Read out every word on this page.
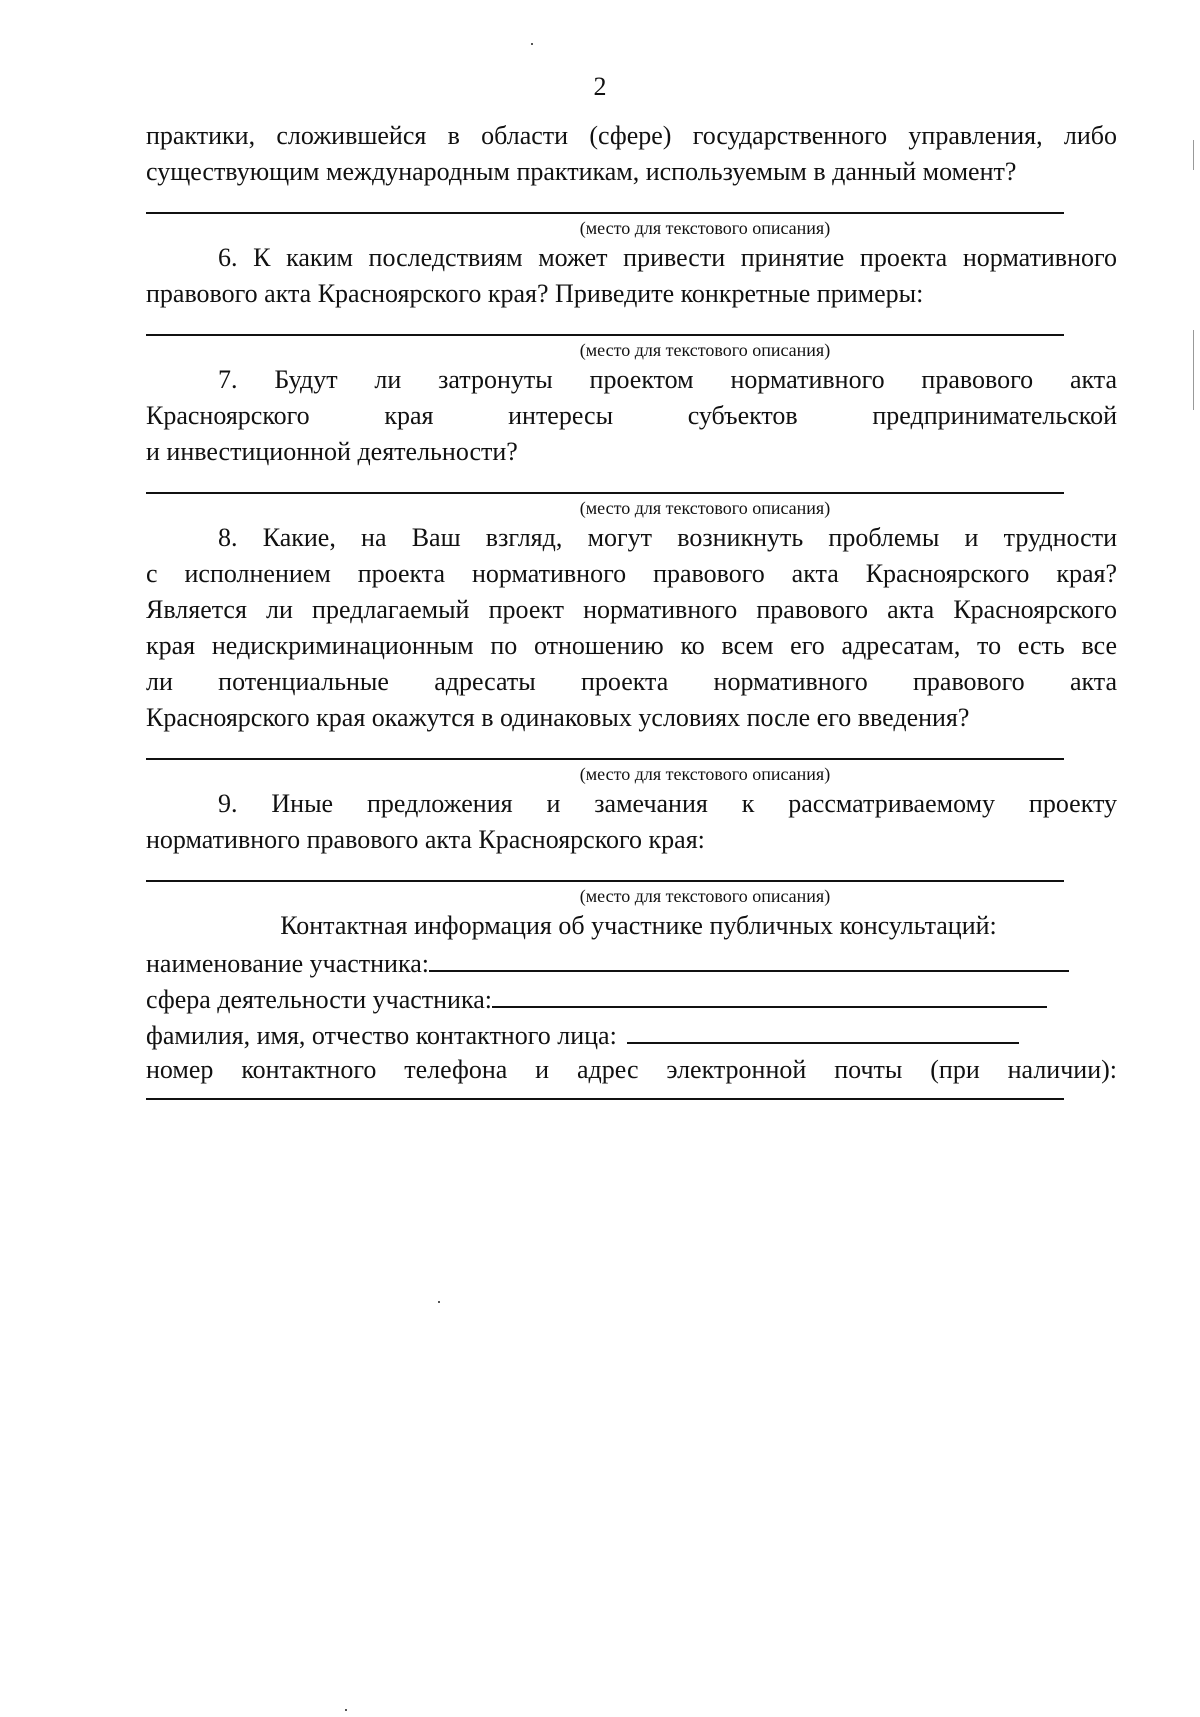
2

практики, сложившейся в области (сфере) государственного управления, либо
существующим международным практикам, используемым в данный момент?

(место для текстового описания)

6. К каким последствиям может привести принятие проекта нормативного
правового акта Красноярского края? Приведите конкретные примеры:

(место для текстового описания)

7. Будут ли затронуты проектом нормативного правового акта
Красноярского края интересы субъектов предпринимательской
и инвестиционной деятельности?

(место для текстового описания)

8. Какие, на Ваш взгляд, могут возникнуть проблемы и трудности
с исполнением проекта нормативного правового акта Красноярского края?
Является ли предлагаемый проект нормативного правового акта Красноярского
края недискриминационным по отношению ко всем его адресатам, то есть все
ли потенциальные адресаты проекта нормативного правового акта
Красноярского края окажутся в одинаковых условиях после его введения?

(место для текстового описания)

9. Иные предложения и замечания к рассматриваемому проекту
нормативного правового акта Красноярского края:

(место для текстового описания)

Контактная информация об участнике публичных консультаций:

наименование участника:
сфера деятельности участника:
фамилия, имя, отчество контактного лица:
номер контактного телефона и адрес электронной почты (при наличии):
